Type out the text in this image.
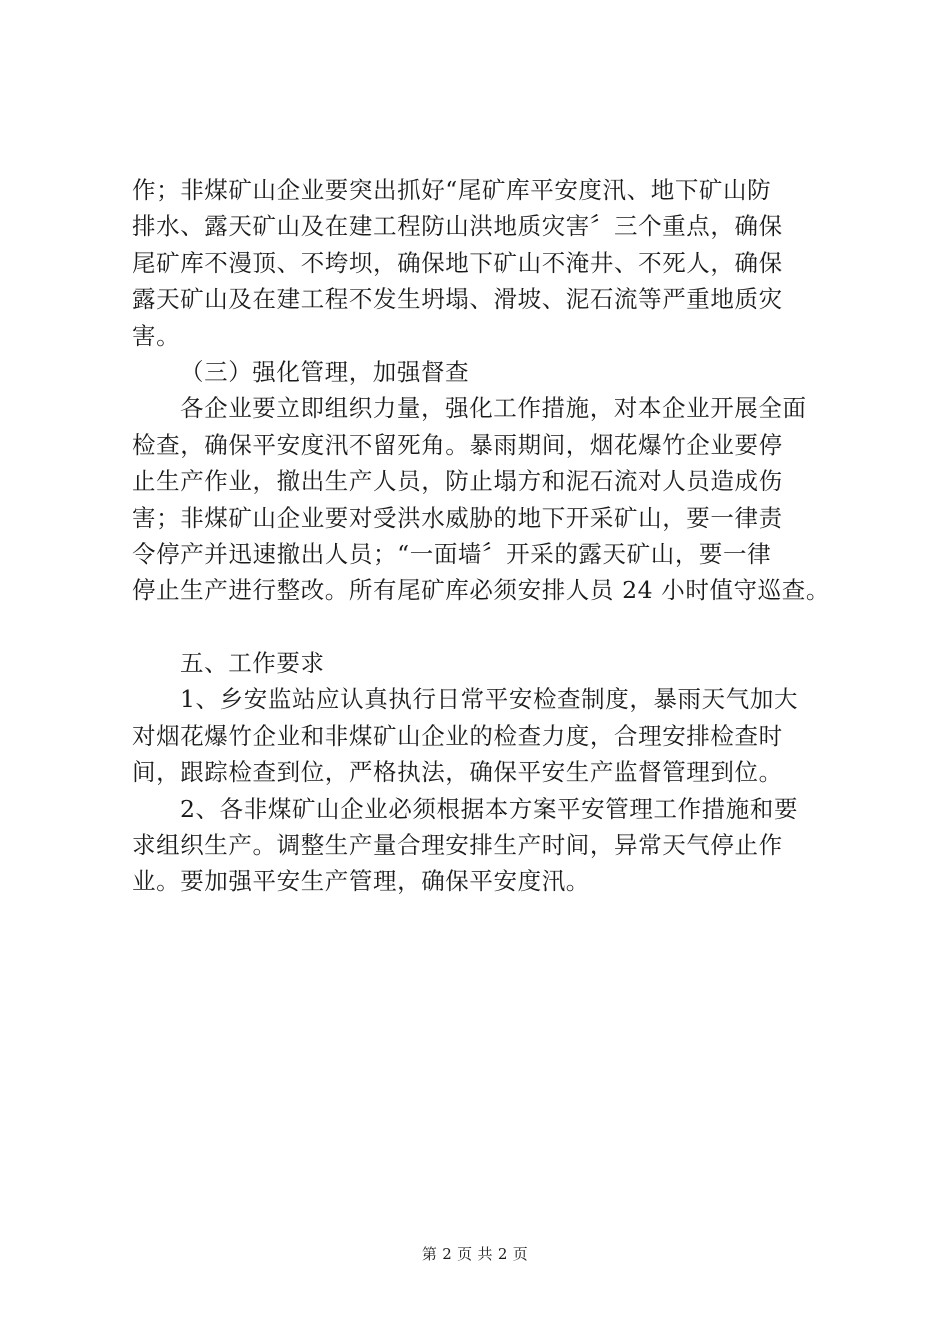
作；非煤矿山企业要突出抓好“尾矿库平安度汛、地下矿山防
排水、露天矿山及在建工程防山洪地质灾害〞三个重点，确保
尾矿库不漫顶、不垮坝，确保地下矿山不淹井、不死人，确保
露天矿山及在建工程不发生坍塌、滑坡、泥石流等严重地质灾
害。
（三）强化管理，加强督查
各企业要立即组织力量，强化工作措施，对本企业开展全面
检查，确保平安度汛不留死角。暴雨期间，烟花爆竹企业要停
止生产作业，撤出生产人员，防止塌方和泥石流对人员造成伤
害；非煤矿山企业要对受洪水威胁的地下开采矿山，要一律责
令停产并迅速撤出人员；“一面墙〞开采的露天矿山，要一律
停止生产进行整改。所有尾矿库必须安排人员 24 小时值守巡查。
五、工作要求
1、乡安监站应认真执行日常平安检查制度，暴雨天气加大
对烟花爆竹企业和非煤矿山企业的检查力度，合理安排检查时
间，跟踪检查到位，严格执法，确保平安生产监督管理到位。
2、各非煤矿山企业必须根据本方案平安管理工作措施和要
求组织生产。调整生产量合理安排生产时间，异常天气停止作
业。要加强平安生产管理，确保平安度汛。
第 2 页 共 2 页
